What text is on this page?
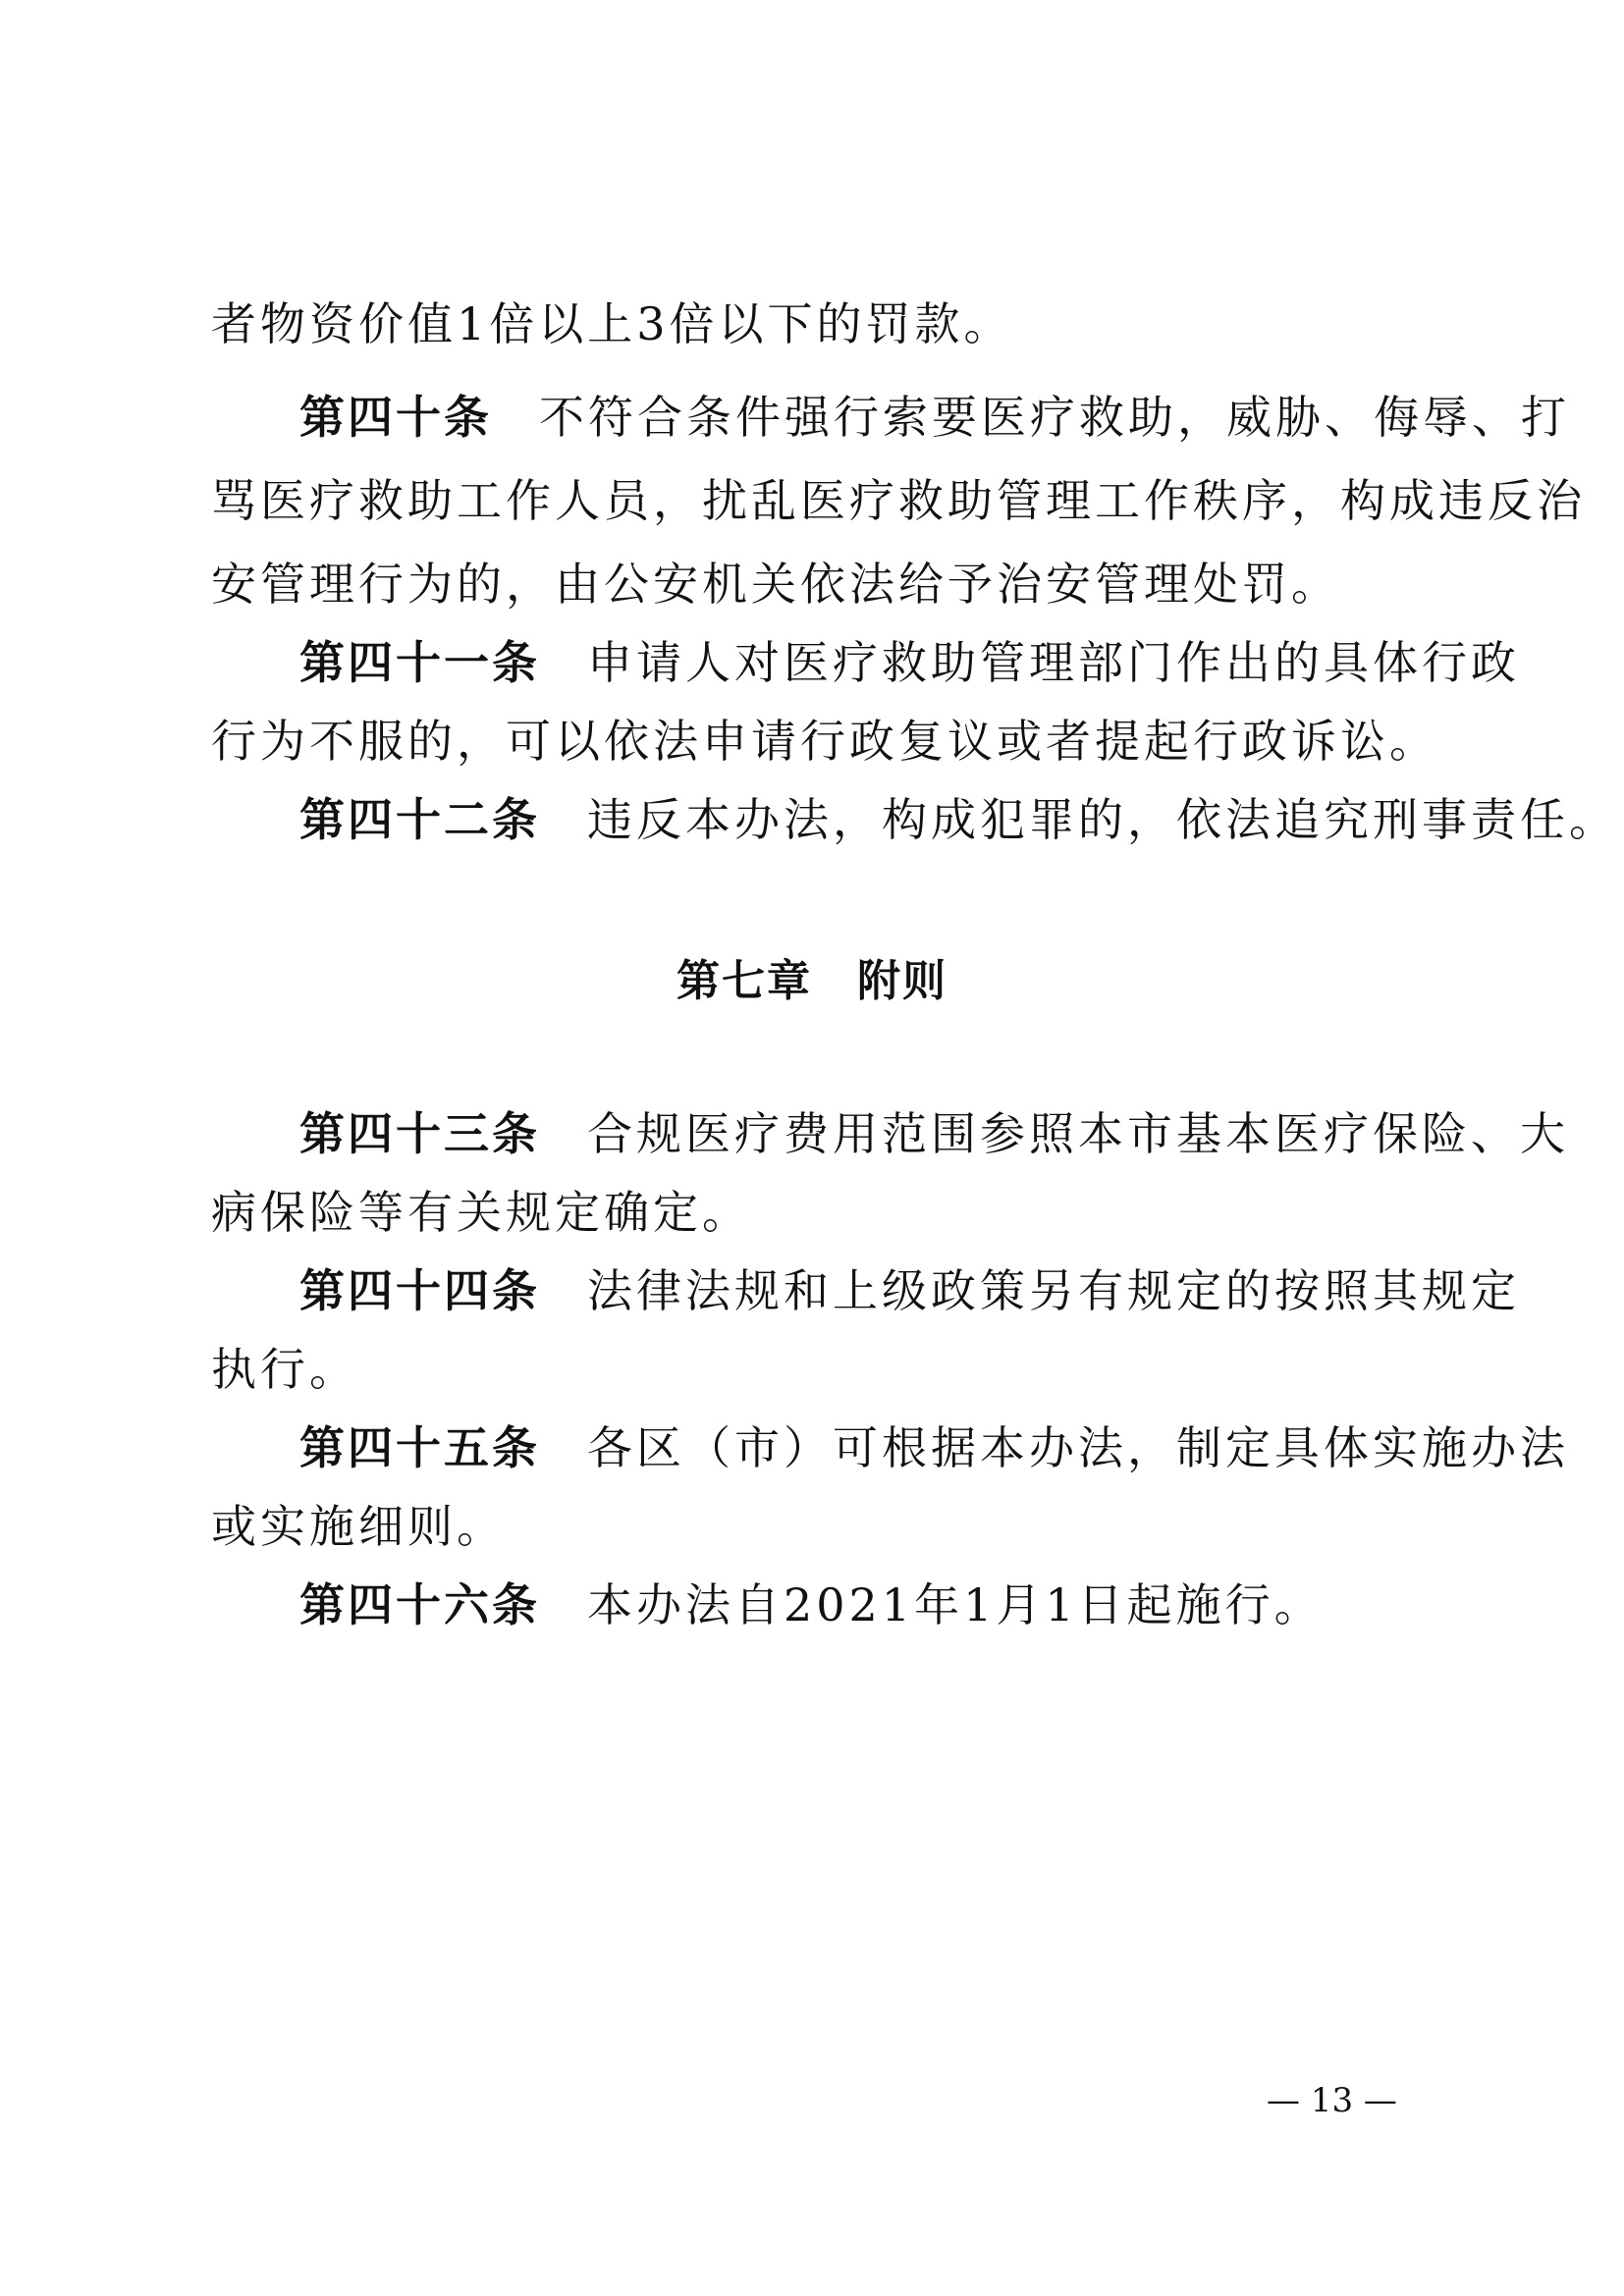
者物资价值1倍以上3倍以下的罚款。
第四十条 不符合条件强行索要医疗救助，威胁、侮辱、打
骂医疗救助工作人员，扰乱医疗救助管理工作秩序，构成违反治
安管理行为的，由公安机关依法给予治安管理处罚。
第四十一条 申请人对医疗救助管理部门作出的具体行政
行为不服的，可以依法申请行政复议或者提起行政诉讼。
第四十二条 违反本办法，构成犯罪的，依法追究刑事责任。
第七章 附则
第四十三条 合规医疗费用范围参照本市基本医疗保险、大
病保险等有关规定确定。
第四十四条 法律法规和上级政策另有规定的按照其规定
执行。
第四十五条 各区（市）可根据本办法，制定具体实施办法
或实施细则。
第四十六条 本办法自2021年1月1日起施行。
— 13 —
